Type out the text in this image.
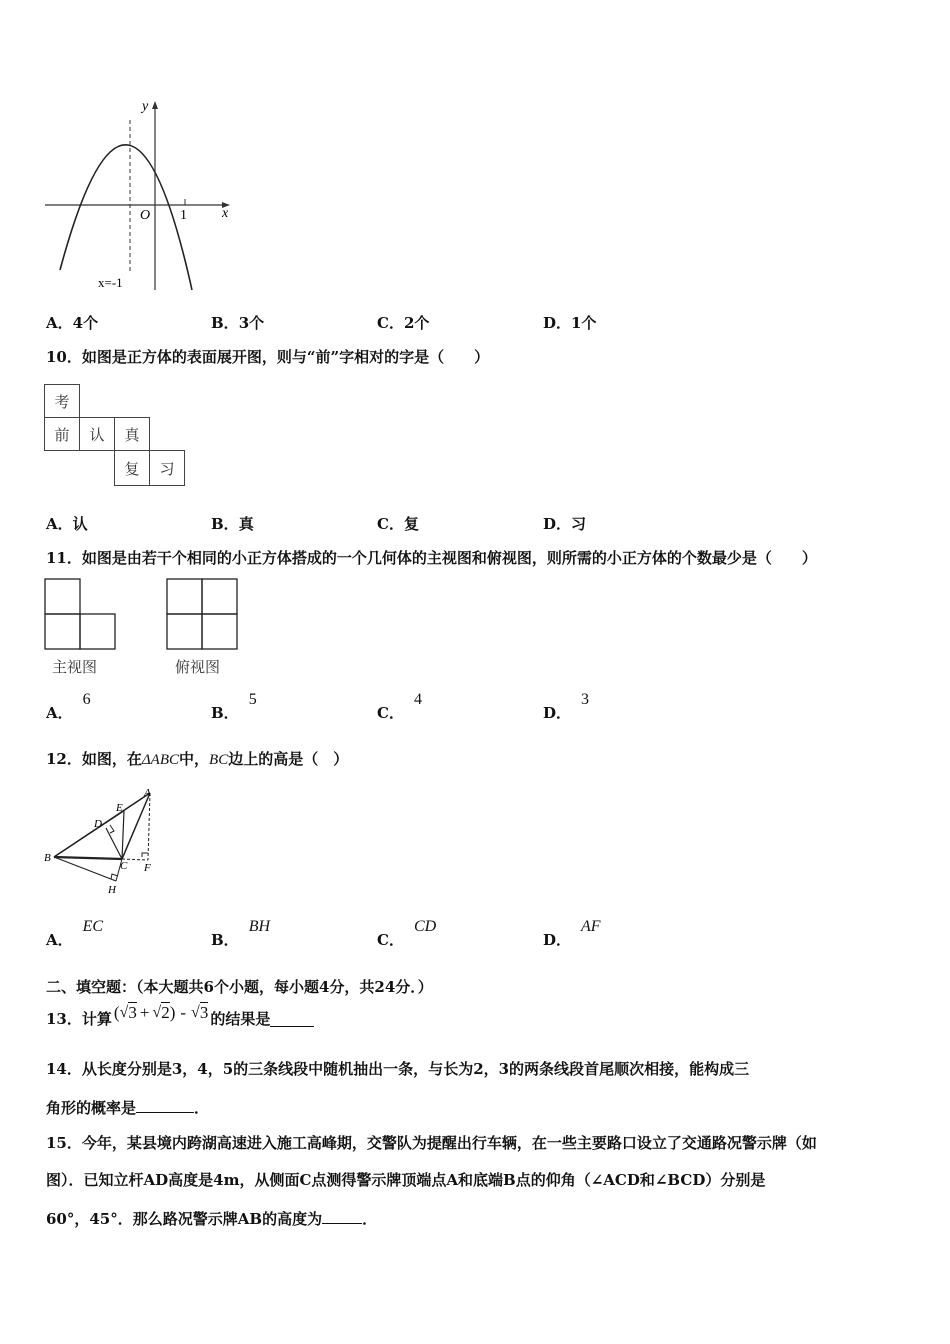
y
x
O 1
x=-1
A．4个	B．3个	C．2个	D．1个
10．如图是正方体的表面展开图，则与“前”字相对的字是（　　）
考
前	认	真
复	习
A．认	B．真	C．复	D．习
11．如图是由若干个相同的小正方体搭成的一个几何体的主视图和俯视图，则所需的小正方体的个数最少是（　　）
主视图	俯视图
A．6
B．5
C．4
D．3
12．如图，在ΔABC中，BC边上的高是（　）
A
B
C
D
E
F
H
A．EC
B．BH
C．CD
D．AF
二、填空题：（本大题共6个小题，每小题4分，共24分．）
13．计算 ( √ 3 + √ 2 ) - √ 3 的结果是
14．从长度分别是3，4，5的三条线段中随机抽出一条，与长为2，3的两条线段首尾顺次相接，能构成三
角形的概率是	．
15．今年，某县境内跨湖高速进入施工高峰期，交警队为提醒出行车辆，在一些主要路口设立了交通路况警示牌（如
图）．已知立杆AD高度是4m，从侧面C点测得警示牌顶端点A和底端B点的仰角（∠ACD和∠BCD）分别是
60°，45°．那么路况警示牌AB的高度为	．
